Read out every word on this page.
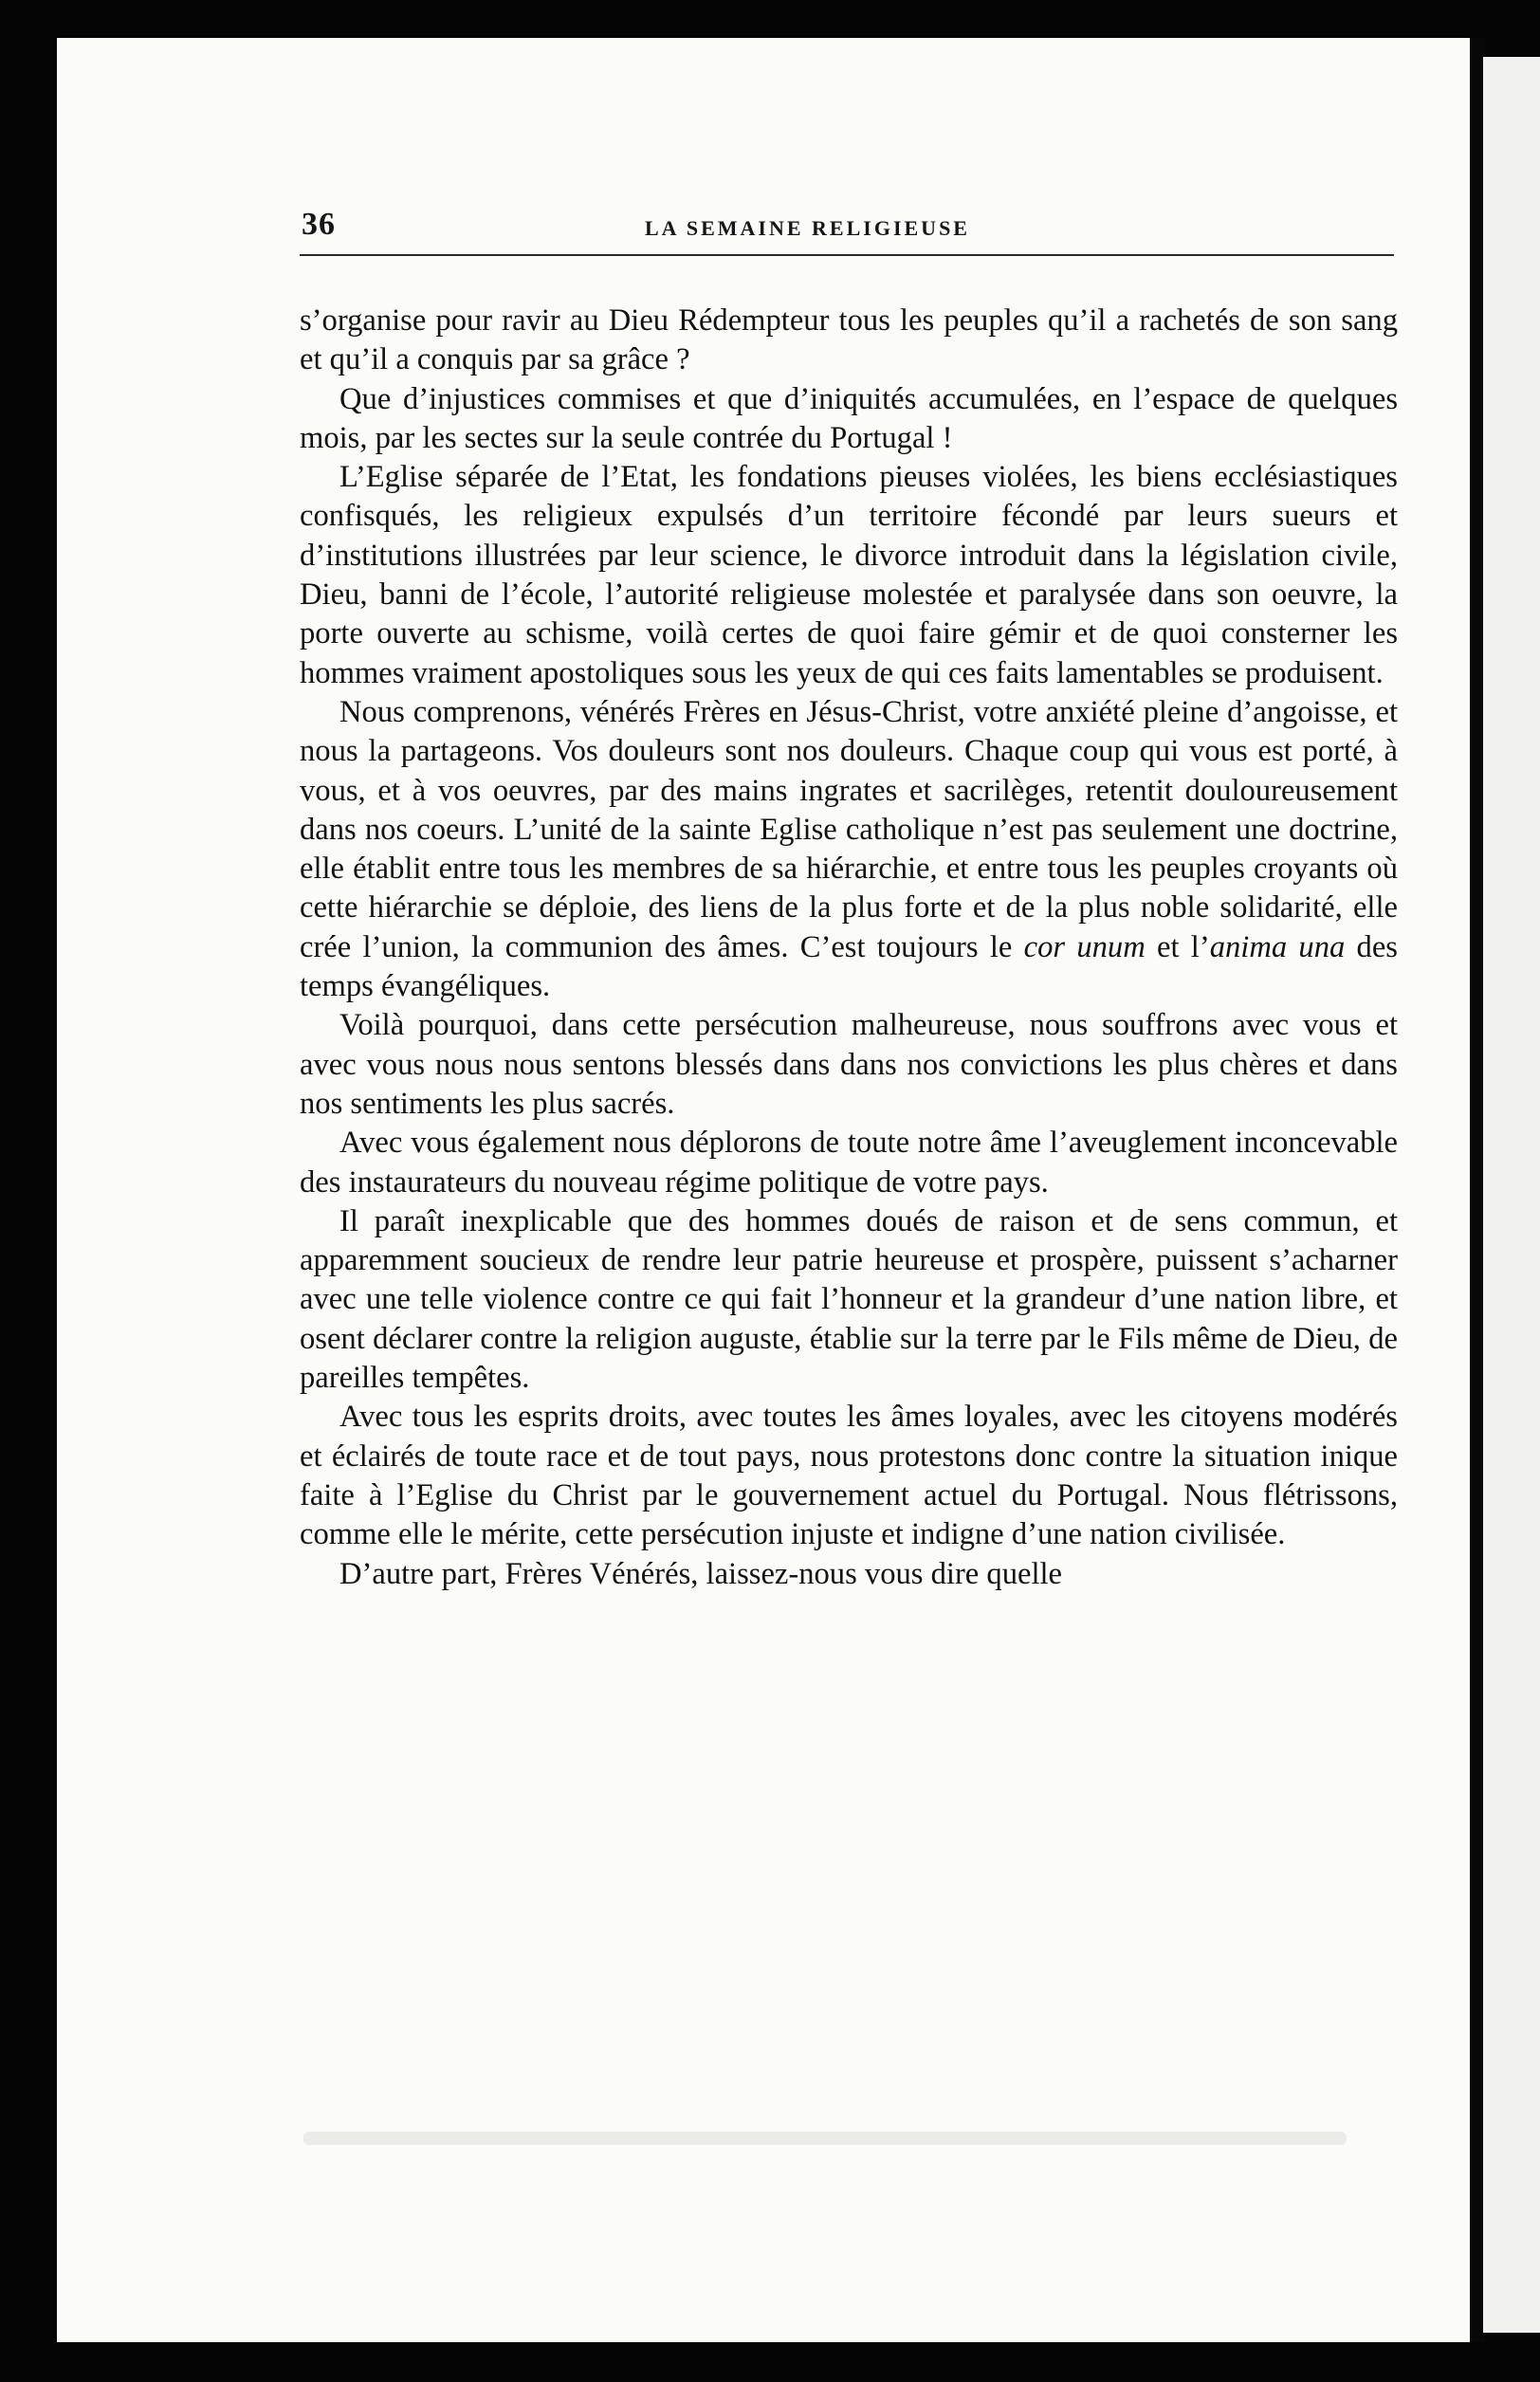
36	LA SEMAINE RELIGIEUSE

s’organise pour ravir au Dieu Rédempteur tous les peuples qu’il a rachetés de son sang et qu’il a conquis par sa grâce ?

Que d’injustices commises et que d’iniquités accumulées, en l’espace de quelques mois, par les sectes sur la seule contrée du Portugal !

L’Eglise séparée de l’Etat, les fondations pieuses violées, les biens ecclésiastiques confisqués, les religieux expulsés d’un territoire fécondé par leurs sueurs et d’institutions illustrées par leur science, le divorce introduit dans la législation civile, Dieu, banni de l’école, l’autorité religieuse molestée et paralysée dans son oeuvre, la porte ouverte au schisme, voilà certes de quoi faire gémir et de quoi consterner les hommes vraiment apostoliques sous les yeux de qui ces faits lamentables se produisent.

Nous comprenons, vénérés Frères en Jésus-Christ, votre anxiété pleine d’angoisse, et nous la partageons. Vos douleurs sont nos douleurs. Chaque coup qui vous est porté, à vous, et à vos oeuvres, par des mains ingrates et sacrilèges, retentit douloureusement dans nos coeurs. L’unité de la sainte Eglise catholique n’est pas seulement une doctrine, elle établit entre tous les membres de sa hiérarchie, et entre tous les peuples croyants où cette hiérarchie se déploie, des liens de la plus forte et de la plus noble solidarité, elle crée l’union, la communion des âmes. C’est toujours le cor unum et l’anima una des temps évangéliques.

Voilà pourquoi, dans cette persécution malheureuse, nous souffrons avec vous et avec vous nous nous sentons blessés dans dans nos convictions les plus chères et dans nos sentiments les plus sacrés.

Avec vous également nous déplorons de toute notre âme l’aveuglement inconcevable des instaurateurs du nouveau régime politique de votre pays.

Il paraît inexplicable que des hommes doués de raison et de sens commun, et apparemment soucieux de rendre leur patrie heureuse et prospère, puissent s’acharner avec une telle violence contre ce qui fait l’honneur et la grandeur d’une nation libre, et osent déclarer contre la religion auguste, établie sur la terre par le Fils même de Dieu, de pareilles tempêtes.

Avec tous les esprits droits, avec toutes les âmes loyales, avec les citoyens modérés et éclairés de toute race et de tout pays, nous protestons donc contre la situation inique faite à l’Eglise du Christ par le gouvernement actuel du Portugal. Nous flétrissons, comme elle le mérite, cette persécution injuste et indigne d’une nation civilisée.

D’autre part, Frères Vénérés, laissez-nous vous dire quelle
